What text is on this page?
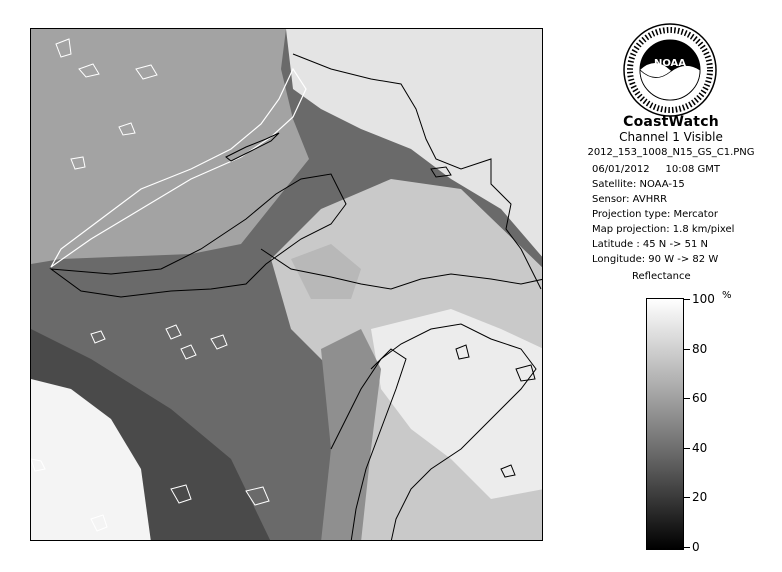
NOAA
CoastWatch
Channel 1 Visible
2012_153_1008_N15_GS_C1.PNG
06/01/2012 10:08 GMT
Satellite: NOAA-15
Sensor: AVHRR
Projection type: Mercator
Map projection: 1.8 km/pixel
Latitude : 45 N -> 51 N
Longitude: 90 W -> 82 W
Reflectance
%
100
80
60
40
20
0
